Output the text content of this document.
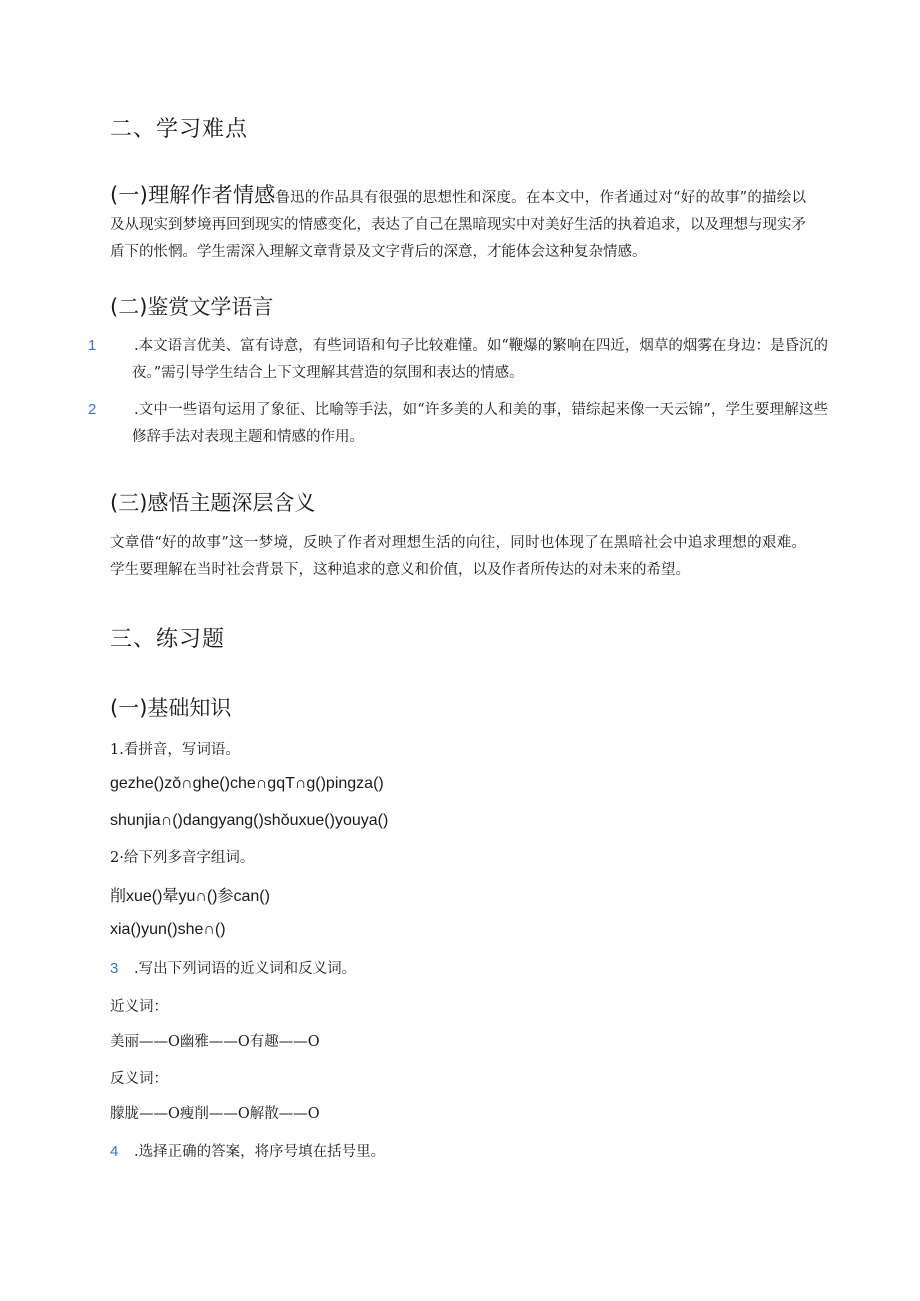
二、学习难点
(一)理解作者情感鲁迅的作品具有很强的思想性和深度。在本文中，作者通过对“好的故事”的描绘以及从现实到梦境再回到现实的情感变化，表达了自己在黑暗现实中对美好生活的执着追求，以及理想与现实矛盾下的怅惘。学生需深入理解文章背景及文字背后的深意，才能体会这种复杂情感。
(二)鉴赏文学语言
1	.本文语言优美、富有诗意，有些词语和句子比较难懂。如“鞭爆的繁响在四近，烟草的烟雾在身边：是昏沉的夜。”需引导学生结合上下文理解其营造的氛围和表达的情感。
2	.文中一些语句运用了象征、比喻等手法，如“许多美的人和美的事，错综起来像一天云锦”，学生要理解这些修辞手法对表现主题和情感的作用。
(三)感悟主题深层含义
文章借“好的故事”这一梦境，反映了作者对理想生活的向往，同时也体现了在黑暗社会中追求理想的艰难。学生要理解在当时社会背景下，这种追求的意义和价值，以及作者所传达的对未来的希望。
三、练习题
(一)基础知识
1.看拼音，写词语。
gezhe()zǒ∩ghe()che∩gqT∩g()pingza()
shunjia∩()dangyang()shǒuxue()youya()
2·给下列多音字组词。
削xue()晕yu∩()参can()
xia()yun()she∩()
3 .写出下列词语的近义词和反义词。
近义词：
美丽——O幽雅——O有趣——O
反义词：
朦胧——O瘦削——O解散——O
4 .选择正确的答案，将序号填在括号里。
